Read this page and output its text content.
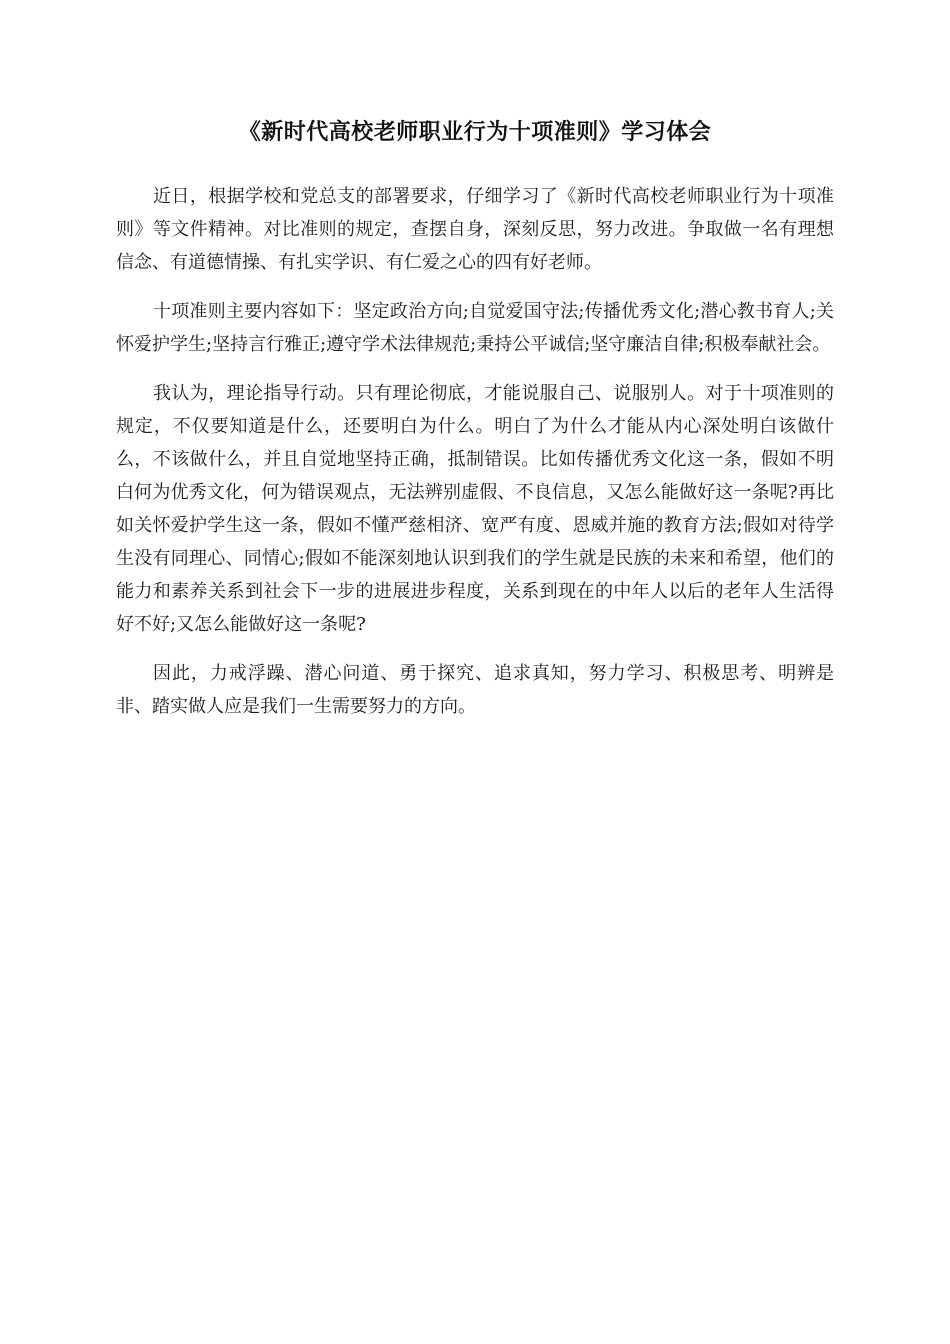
《新时代高校老师职业行为十项准则》学习体会

近日，根据学校和党总支的部署要求，仔细学习了《新时代高校老师职业行为十项准则》等文件精神。对比准则的规定，查摆自身，深刻反思，努力改进。争取做一名有理想信念、有道德情操、有扎实学识、有仁爱之心的四有好老师。

十项准则主要内容如下：坚定政治方向;自觉爱国守法;传播优秀文化;潜心教书育人;关怀爱护学生;坚持言行雅正;遵守学术法律规范;秉持公平诚信;坚守廉洁自律;积极奉献社会。

我认为，理论指导行动。只有理论彻底，才能说服自己、说服别人。对于十项准则的规定，不仅要知道是什么，还要明白为什么。明白了为什么才能从内心深处明白该做什么，不该做什么，并且自觉地坚持正确，抵制错误。比如传播优秀文化这一条，假如不明白何为优秀文化，何为错误观点，无法辨别虚假、不良信息，又怎么能做好这一条呢?再比如关怀爱护学生这一条，假如不懂严慈相济、宽严有度、恩威并施的教育方法;假如对待学生没有同理心、同情心;假如不能深刻地认识到我们的学生就是民族的未来和希望，他们的能力和素养关系到社会下一步的进展进步程度，关系到现在的中年人以后的老年人生活得好不好;又怎么能做好这一条呢?

因此，力戒浮躁、潜心问道、勇于探究、追求真知，努力学习、积极思考、明辨是非、踏实做人应是我们一生需要努力的方向。
